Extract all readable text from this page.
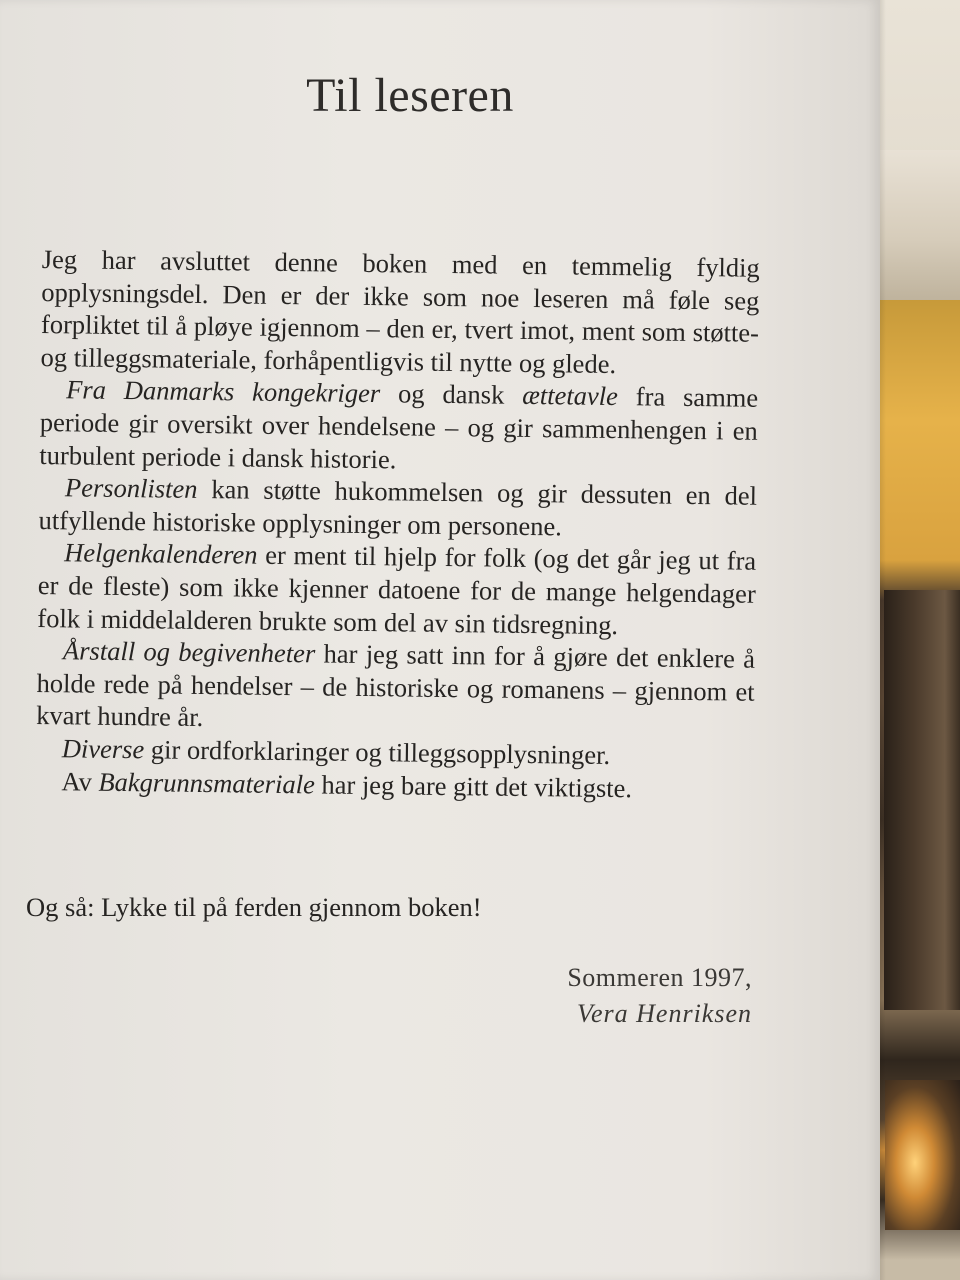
Til leseren

Jeg har avsluttet denne boken med en temmelig fyldig opplysningsdel. Den er der ikke som noe leseren må føle seg forpliktet til å pløye igjennom – den er, tvert imot, ment som støtte- og tilleggsmateriale, forhåpentligvis til nytte og glede.

Fra Danmarks kongekriger og dansk ættetavle fra samme periode gir oversikt over hendelsene – og gir sammenhengen i en turbulent periode i dansk historie.

Personlisten kan støtte hukommelsen og gir dessuten en del utfyllende historiske opplysninger om personene.

Helgenkalenderen er ment til hjelp for folk (og det går jeg ut fra er de fleste) som ikke kjenner datoene for de mange helgendager folk i middelalderen brukte som del av sin tidsregning.

Årstall og begivenheter har jeg satt inn for å gjøre det enklere å holde rede på hendelser – de historiske og romanens – gjennom et kvart hundre år.

Diverse gir ordforklaringer og tilleggsopplysninger.

Av Bakgrunnsmateriale har jeg bare gitt det viktigste.

Og så: Lykke til på ferden gjennom boken!
Sommeren 1997,
Vera Henriksen
